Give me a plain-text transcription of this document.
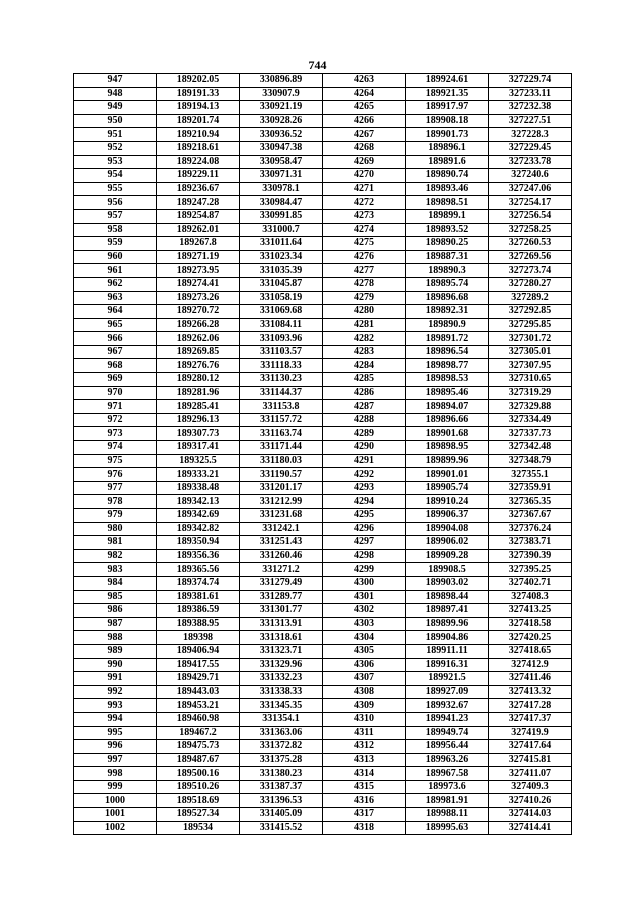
744
947	189202.05	330896.89	4263	189924.61	327229.74
948	189191.33	330907.9	4264	189921.35	327233.11
949	189194.13	330921.19	4265	189917.97	327232.38
950	189201.74	330928.26	4266	189908.18	327227.51
951	189210.94	330936.52	4267	189901.73	327228.3
952	189218.61	330947.38	4268	189896.1	327229.45
953	189224.08	330958.47	4269	189891.6	327233.78
954	189229.11	330971.31	4270	189890.74	327240.6
955	189236.67	330978.1	4271	189893.46	327247.06
956	189247.28	330984.47	4272	189898.51	327254.17
957	189254.87	330991.85	4273	189899.1	327256.54
958	189262.01	331000.7	4274	189893.52	327258.25
959	189267.8	331011.64	4275	189890.25	327260.53
960	189271.19	331023.34	4276	189887.31	327269.56
961	189273.95	331035.39	4277	189890.3	327273.74
962	189274.41	331045.87	4278	189895.74	327280.27
963	189273.26	331058.19	4279	189896.68	327289.2
964	189270.72	331069.68	4280	189892.31	327292.85
965	189266.28	331084.11	4281	189890.9	327295.85
966	189262.06	331093.96	4282	189891.72	327301.72
967	189269.85	331103.57	4283	189896.54	327305.01
968	189276.76	331118.33	4284	189898.77	327307.95
969	189280.12	331130.23	4285	189898.53	327310.65
970	189281.96	331144.37	4286	189895.46	327319.29
971	189285.41	331153.8	4287	189894.07	327329.88
972	189296.13	331157.72	4288	189896.66	327334.49
973	189307.73	331163.74	4289	189901.68	327337.73
974	189317.41	331171.44	4290	189898.95	327342.48
975	189325.5	331180.03	4291	189899.96	327348.79
976	189333.21	331190.57	4292	189901.01	327355.1
977	189338.48	331201.17	4293	189905.74	327359.91
978	189342.13	331212.99	4294	189910.24	327365.35
979	189342.69	331231.68	4295	189906.37	327367.67
980	189342.82	331242.1	4296	189904.08	327376.24
981	189350.94	331251.43	4297	189906.02	327383.71
982	189356.36	331260.46	4298	189909.28	327390.39
983	189365.56	331271.2	4299	189908.5	327395.25
984	189374.74	331279.49	4300	189903.02	327402.71
985	189381.61	331289.77	4301	189898.44	327408.3
986	189386.59	331301.77	4302	189897.41	327413.25
987	189388.95	331313.91	4303	189899.96	327418.58
988	189398	331318.61	4304	189904.86	327420.25
989	189406.94	331323.71	4305	189911.11	327418.65
990	189417.55	331329.96	4306	189916.31	327412.9
991	189429.71	331332.23	4307	189921.5	327411.46
992	189443.03	331338.33	4308	189927.09	327413.32
993	189453.21	331345.35	4309	189932.67	327417.28
994	189460.98	331354.1	4310	189941.23	327417.37
995	189467.2	331363.06	4311	189949.74	327419.9
996	189475.73	331372.82	4312	189956.44	327417.64
997	189487.67	331375.28	4313	189963.26	327415.81
998	189500.16	331380.23	4314	189967.58	327411.07
999	189510.26	331387.37	4315	189973.6	327409.3
1000	189518.69	331396.53	4316	189981.91	327410.26
1001	189527.34	331405.09	4317	189988.11	327414.03
1002	189534	331415.52	4318	189995.63	327414.41
